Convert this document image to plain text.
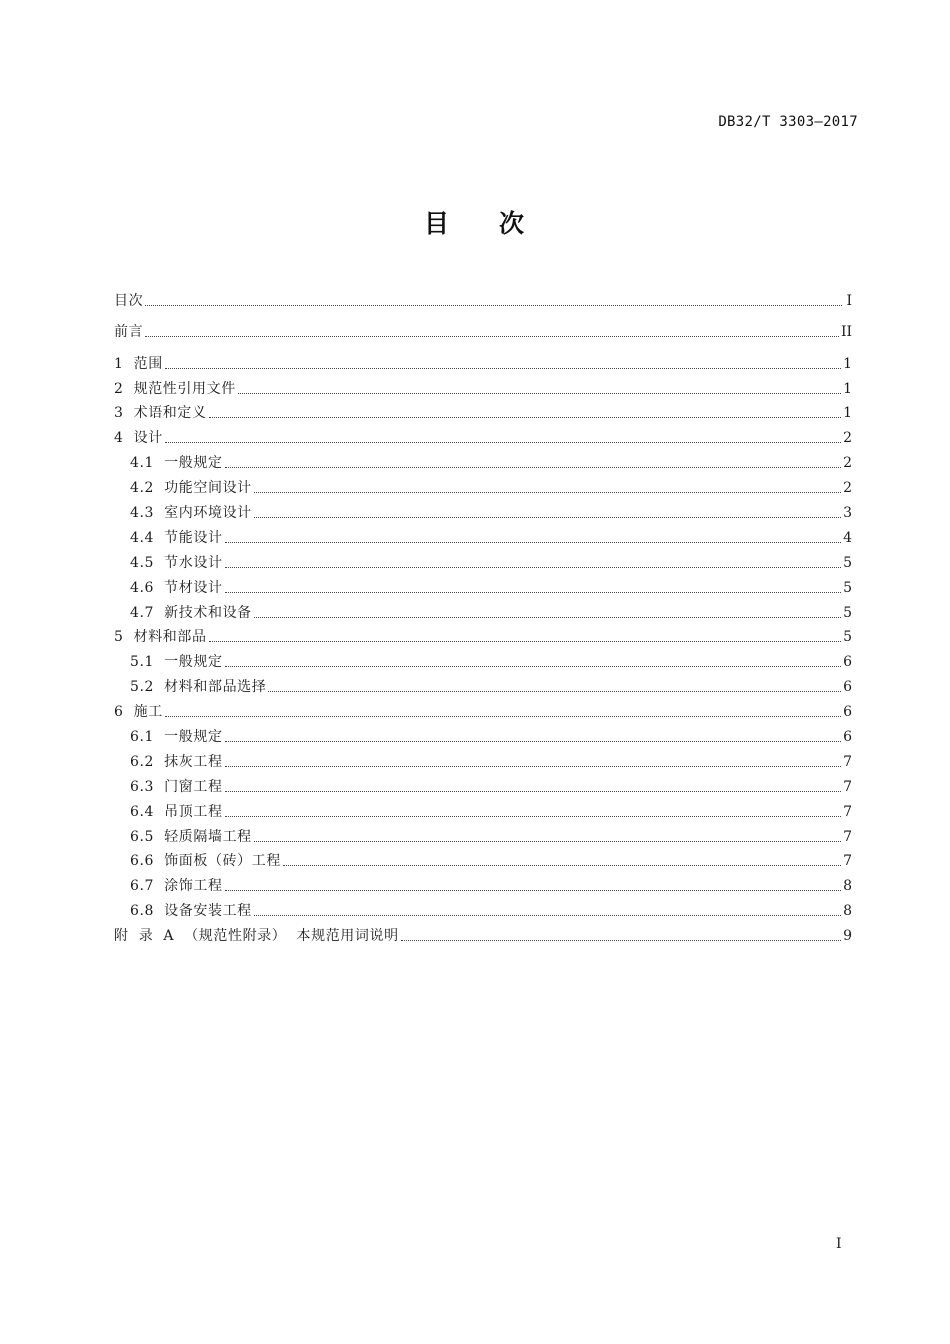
DB32/T 3303—2017
目 次
目次	I
前言	II
1  范围	1
2  规范性引用文件	1
3  术语和定义	1
4  设计	2
4.1  一般规定	2
4.2  功能空间设计	2
4.3  室内环境设计	3
4.4  节能设计	4
4.5  节水设计	5
4.6  节材设计	5
4.7  新技术和设备	5
5  材料和部品	5
5.1  一般规定	6
5.2  材料和部品选择	6
6  施工	6
6.1  一般规定	6
6.2  抹灰工程	7
6.3  门窗工程	7
6.4  吊顶工程	7
6.5  轻质隔墙工程	7
6.6  饰面板（砖）工程	7
6.7  涂饰工程	8
6.8  设备安装工程	8
附  录  A  （规范性附录）  本规范用词说明	9
I
